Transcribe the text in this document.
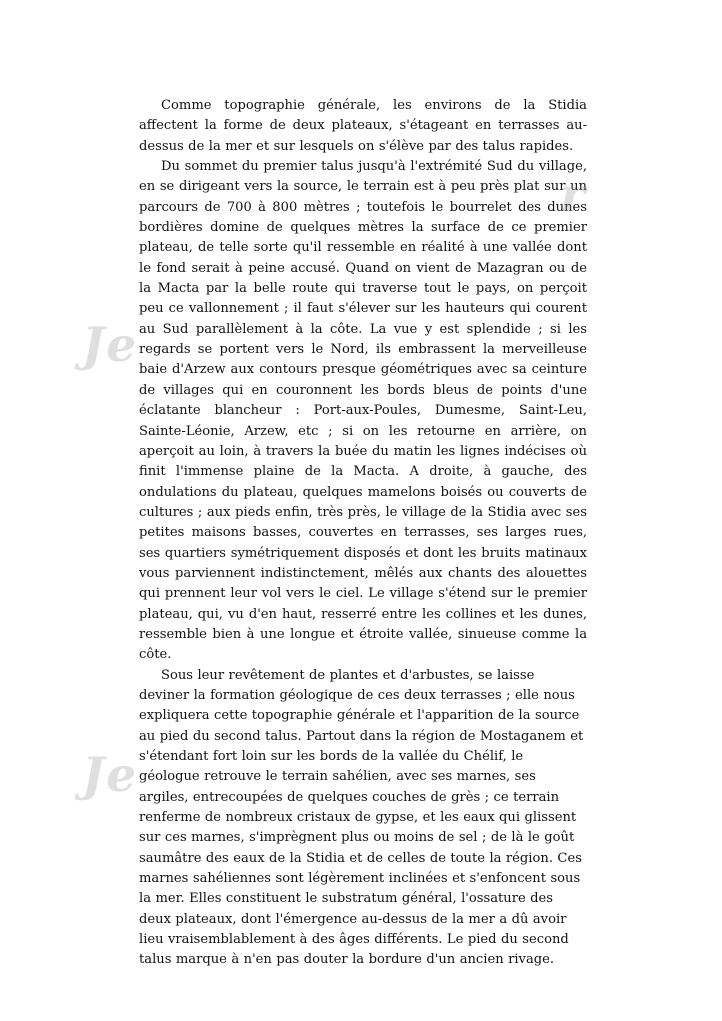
Je
r
Je

Comme topographie générale, les environs de la Stidia affectent la forme de deux plateaux, s'étageant en terrasses au-dessus de la mer et sur lesquels on s'élève par des talus rapides.

Du sommet du premier talus jusqu'à l'extrémité Sud du village, en se dirigeant vers la source, le terrain est à peu près plat sur un parcours de 700 à 800 mètres ; toutefois le bourrelet des dunes bordières domine de quelques mètres la surface de ce premier plateau, de telle sorte qu'il ressemble en réalité à une vallée dont le fond serait à peine accusé. Quand on vient de Mazagran ou de la Macta par la belle route qui traverse tout le pays, on perçoit peu ce vallonnement ; il faut s'élever sur les hauteurs qui courent au Sud parallèlement à la côte. La vue y est splendide ; si les regards se portent vers le Nord, ils embrassent la merveilleuse baie d'Arzew aux contours presque géométriques avec sa ceinture de villages qui en couronnent les bords bleus de points d'une éclatante blancheur : Port-aux-Poules, Dumesme, Saint-Leu, Sainte-Léonie, Arzew, etc ; si on les retourne en arrière, on aperçoit au loin, à travers la buée du matin les lignes indécises où finit l'immense plaine de la Macta. A droite, à gauche, des ondulations du plateau, quelques mamelons boisés ou couverts de cultures ; aux pieds enfin, très près, le village de la Stidia avec ses petites maisons basses, couvertes en terrasses, ses larges rues, ses quartiers symétriquement disposés et dont les bruits matinaux vous parviennent indistinctement, mêlés aux chants des alouettes qui prennent leur vol vers le ciel. Le village s'étend sur le premier plateau, qui, vu d'en haut, resserré entre les collines et les dunes, ressemble bien à une longue et étroite vallée, sinueuse comme la côte.

Sous leur revêtement de plantes et d'arbustes, se laisse deviner la formation géologique de ces deux terrasses ; elle nous expliquera cette topographie générale et l'apparition de la source au pied du second talus. Partout dans la région de Mostaganem et s'étendant fort loin sur les bords de la vallée du Chélif, le géologue retrouve le terrain sahélien, avec ses marnes, ses argiles, entrecoupées de quelques couches de grès ; ce terrain renferme de nombreux cristaux de gypse, et les eaux qui glissent sur ces marnes, s'imprègnent plus ou moins de sel ; de là le goût saumâtre des eaux de la Stidia et de celles de toute la région. Ces marnes sahéliennes sont légèrement inclinées et s'enfoncent sous la mer. Elles constituent le substratum général, l'ossature des deux plateaux, dont l'émergence au-dessus de la mer a dû avoir lieu vraisemblablement à des âges différents. Le pied du second talus marque à n'en pas douter la bordure d'un ancien rivage.
